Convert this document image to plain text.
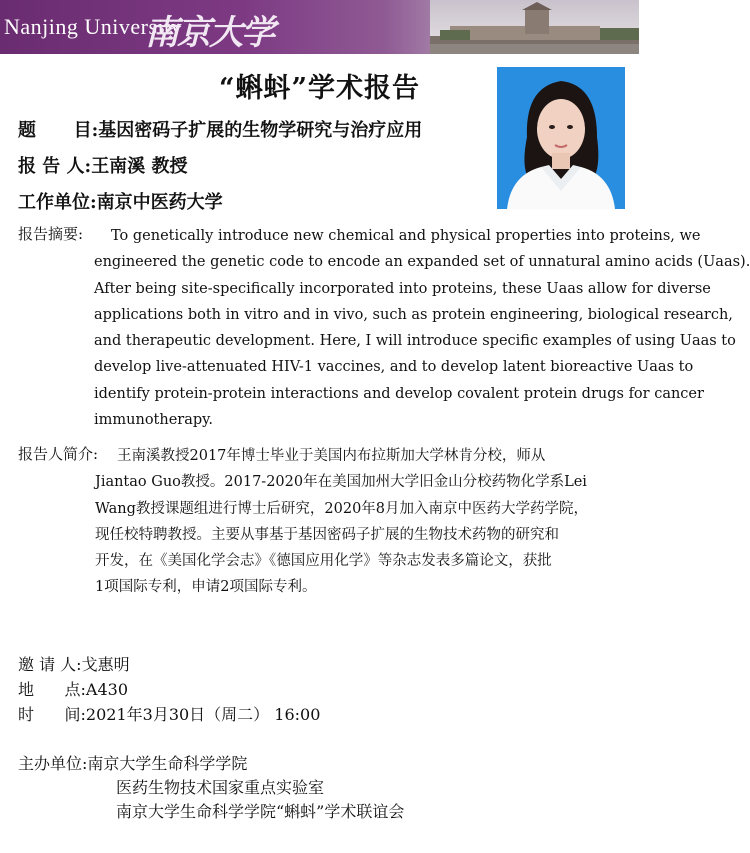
Nanjing University
南京大学
“蝌蚪”学术报告
题      目:基因密码子扩展的生物学研究与治疗应用
报 告 人:王南溪 教授
工作单位:南京中医药大学
报告摘要: To genetically introduce new chemical and physical properties into proteins, we
engineered the genetic code to encode an expanded set of unnatural amino acids (Uaas).
After being site-specifically incorporated into proteins, these Uaas allow for diverse
applications both in vitro and in vivo, such as protein engineering, biological research,
and therapeutic development. Here, I will introduce specific examples of using Uaas to
develop live-attenuated HIV-1 vaccines, and to develop latent bioreactive Uaas to
identify protein-protein interactions and develop covalent protein drugs for cancer
immunotherapy.
报告人简介: 王南溪教授2017年博士毕业于美国内布拉斯加大学林肯分校，师从
Jiantao Guo教授。2017-2020年在美国加州大学旧金山分校药物化学系Lei
Wang教授课题组进行博士后研究，2020年8月加入南京中医药大学药学院，
现任校特聘教授。主要从事基于基因密码子扩展的生物技术药物的研究和
开发，在《美国化学会志》《德国应用化学》等杂志发表多篇论文，获批
1项国际专利，申请2项国际专利。
邀 请 人:戈惠明
地      点:A430
时      间:2021年3月30日（周二） 16:00
主办单位:南京大学生命科学学院
医药生物技术国家重点实验室
南京大学生命科学学院“蝌蚪”学术联谊会
